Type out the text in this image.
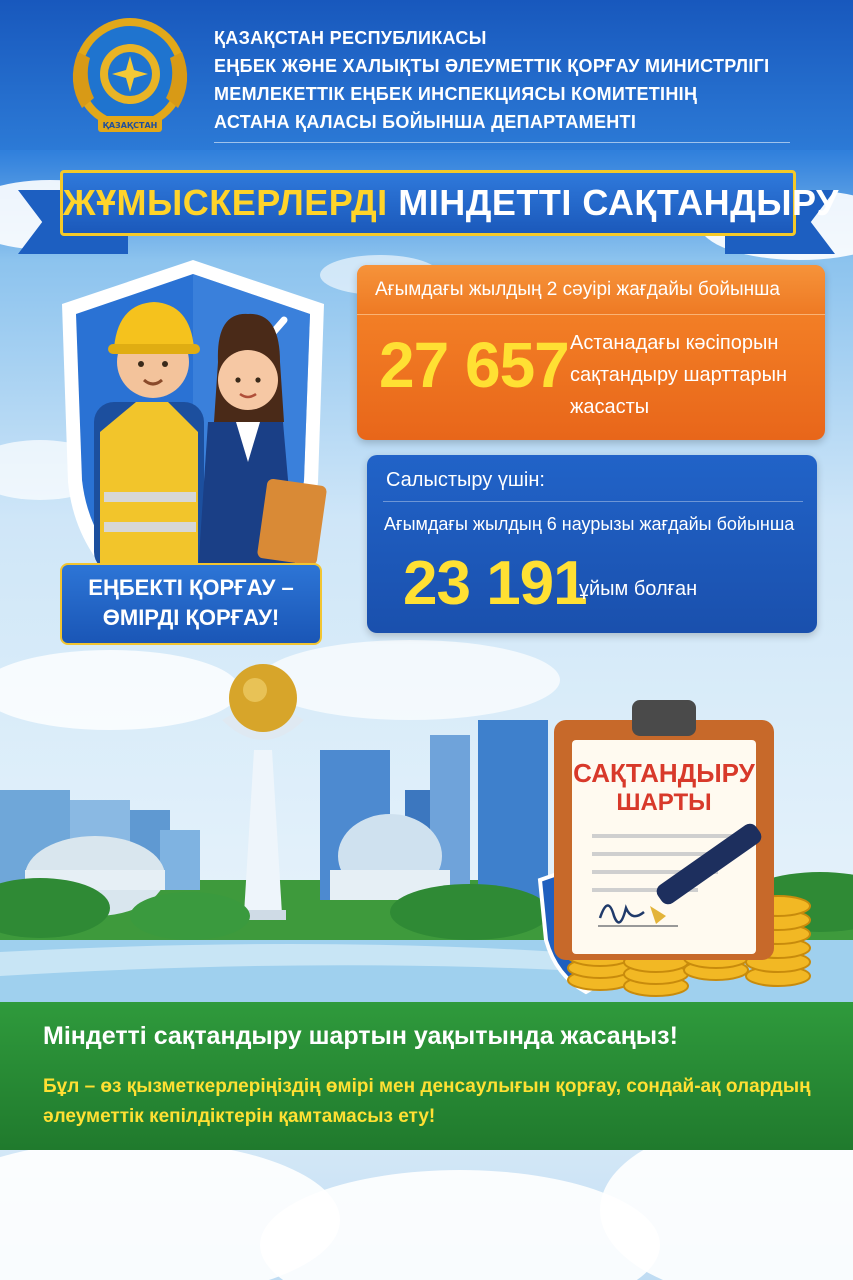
ҚАЗАҚСТАН
ҚАЗАҚСТАН РЕСПУБЛИКАСЫ
ЕҢБЕК ЖӘНЕ ХАЛЫҚТЫ ӘЛЕУМЕТТІК ҚОРҒАУ МИНИСТРЛІГІ
МЕМЛЕКЕТТІК ЕҢБЕК ИНСПЕКЦИЯСЫ КОМИТЕТІНІҢ
АСТАНА ҚАЛАСЫ БОЙЫНША ДЕПАРТАМЕНТІ
ЖҰМЫСКЕРЛЕРДІ МІНДЕТТІ САҚТАНДЫРУ
ЕҢБЕКТІ ҚОРҒАУ –
ӨМІРДІ ҚОРҒАУ!
Ағымдағы жылдың 2 сәуірі жағдайы бойынша
27 657 Астанадағы кәсіпорын сақтандыру шарттарын жасасты
Салыстыру үшін:
Ағымдағы жылдың 6 наурызы жағдайы бойынша
23 191
ұйым болған
САҚТАНДЫРУ
ШАРТЫ
Міндетті сақтандыру шартын уақытында жасаңыз!
Бұл – өз қызметкерлеріңіздің өмірі мен денсаулығын қорғау, сондай-ақ олардың әлеуметтік кепілдіктерін қамтамасыз ету!
